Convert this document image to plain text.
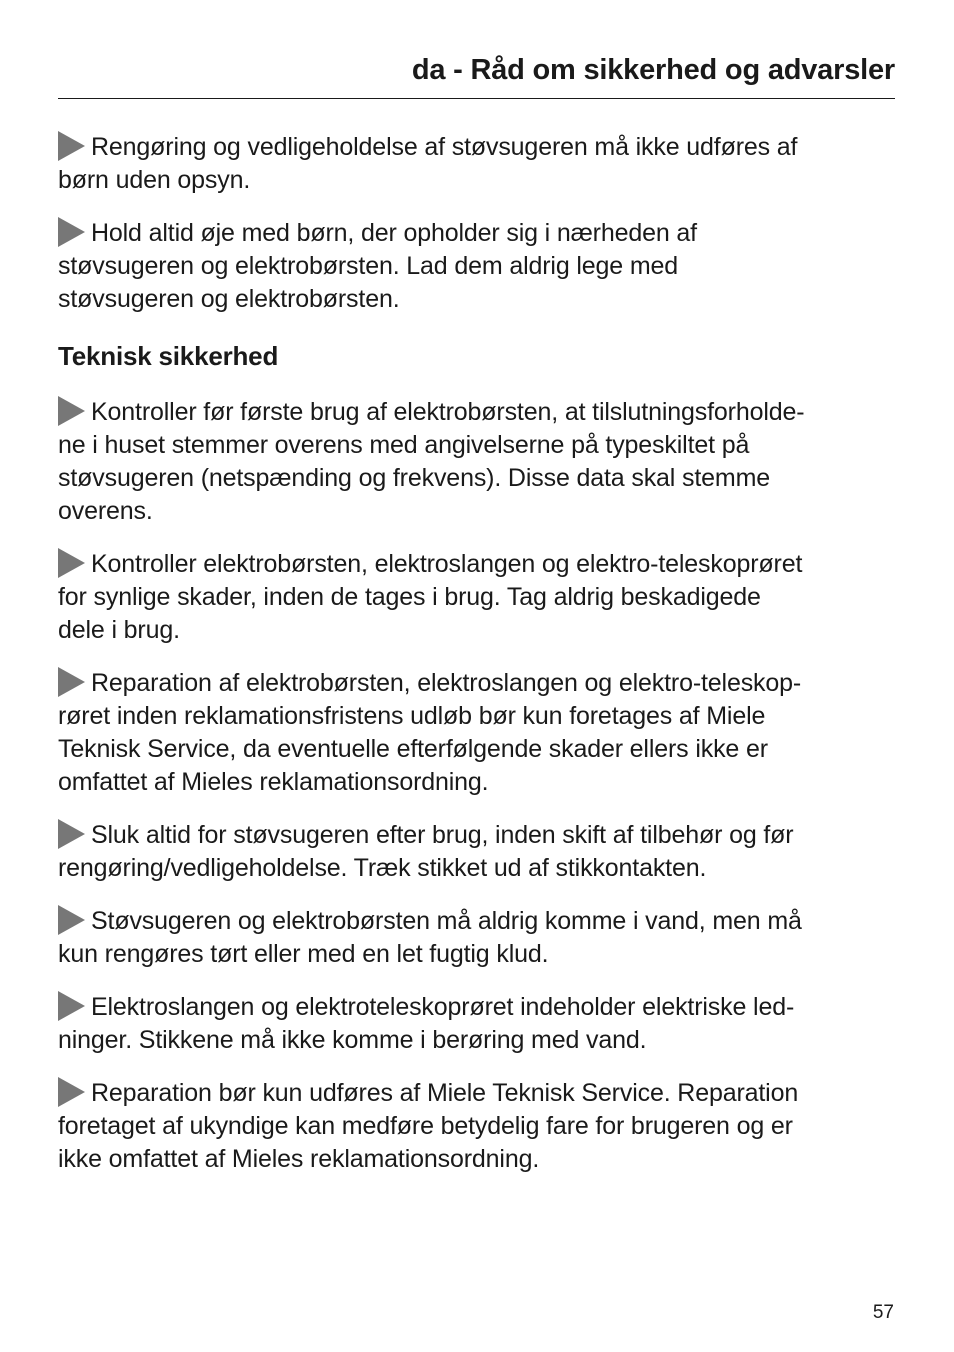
da - Råd om sikkerhed og advarsler

Rengøring og vedligeholdelse af støvsugeren må ikke udføres af
børn uden opsyn.

Hold altid øje med børn, der opholder sig i nærheden af
støvsugeren og elektrobørsten. Lad dem aldrig lege med
støvsugeren og elektrobørsten.

Teknisk sikkerhed

Kontroller før første brug af elektrobørsten, at tilslutningsforholde-
ne i huset stemmer overens med angivelserne på typeskiltet på
støvsugeren (netspænding og frekvens). Disse data skal stemme
overens.

Kontroller elektrobørsten, elektroslangen og elektro-teleskoprøret
for synlige skader, inden de tages i brug. Tag aldrig beskadigede
dele i brug.

Reparation af elektrobørsten, elektroslangen og elektro-teleskop-
røret inden reklamationsfristens udløb bør kun foretages af Miele
Teknisk Service, da eventuelle efterfølgende skader ellers ikke er
omfattet af Mieles reklamationsordning.

Sluk altid for støvsugeren efter brug, inden skift af tilbehør og før
rengøring/vedligeholdelse. Træk stikket ud af stikkontakten.

Støvsugeren og elektrobørsten må aldrig komme i vand, men må
kun rengøres tørt eller med en let fugtig klud.

Elektroslangen og elektroteleskoprøret indeholder elektriske led-
ninger. Stikkene må ikke komme i berøring med vand.

Reparation bør kun udføres af Miele Teknisk Service. Reparation
foretaget af ukyndige kan medføre betydelig fare for brugeren og er
ikke omfattet af Mieles reklamationsordning.

57
